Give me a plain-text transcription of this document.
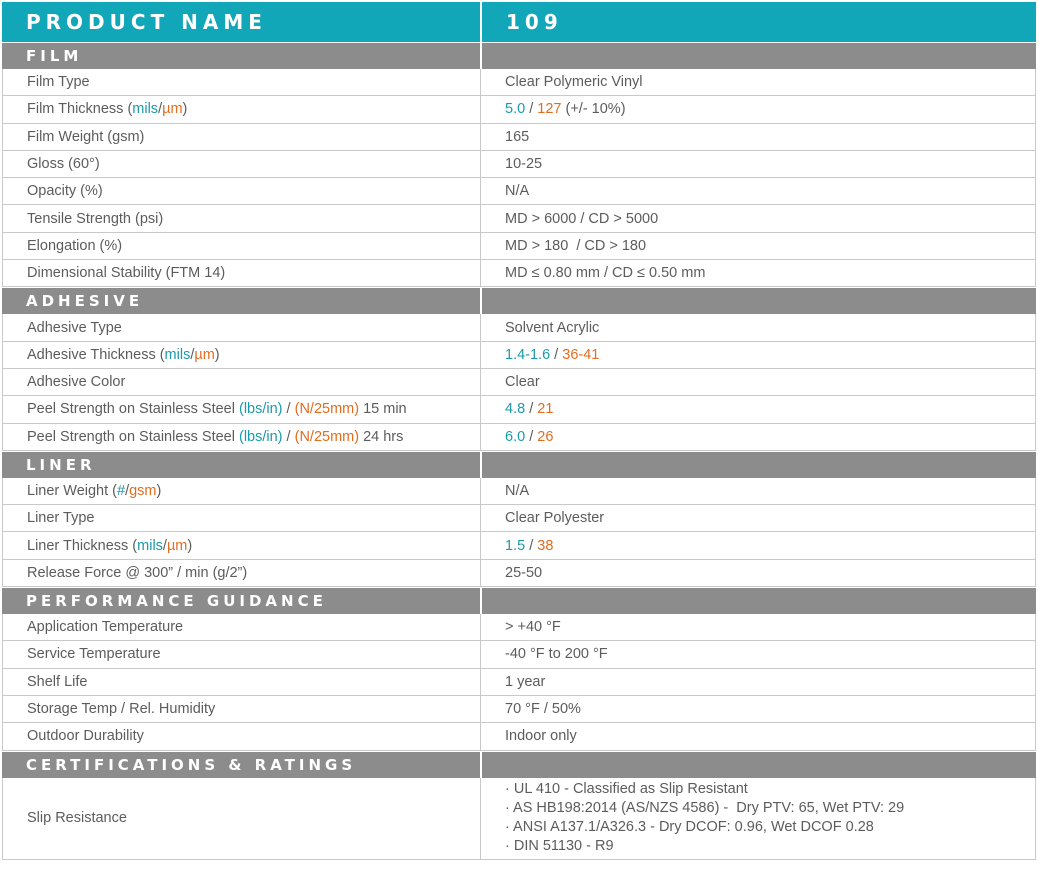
PRODUCT NAME	109
FILM
Film Type	Clear Polymeric Vinyl
Film Thickness ( mils / µm )	5.0 / 127 (+/- 10%)
Film Weight (gsm)	165
Gloss (60°)	10-25
Opacity (%)	N/A
Tensile Strength (psi)	MD > 6000 / CD > 5000
Elongation (%)	MD > 180  / CD > 180
Dimensional Stability (FTM 14)	MD ≤ 0.80 mm / CD ≤ 0.50 mm
ADHESIVE
Adhesive Type	Solvent Acrylic
Adhesive Thickness ( mils / µm )	1.4-1.6 / 36-41
Adhesive Color	Clear
Peel Strength on Stainless Steel (lbs/in) / (N/25mm) 15 min	4.8 / 21
Peel Strength on Stainless Steel (lbs/in) / (N/25mm) 24 hrs	6.0 / 26
LINER
Liner Weight ( # / gsm )	N/A
Liner Type	Clear Polyester
Liner Thickness ( mils / µm )	1.5 / 38
Release Force @ 300” / min (g/2”)	25-50
PERFORMANCE GUIDANCE
Application Temperature	> +40 °F
Service Temperature	-40 °F to 200 °F
Shelf Life	1 year
Storage Temp / Rel. Humidity	70 °F / 50%
Outdoor Durability	Indoor only
CERTIFICATIONS & RATINGS
Slip Resistance
· UL 410 - Classified as Slip Resistant
· AS HB198:2014 (AS/NZS 4586) -  Dry PTV: 65, Wet PTV: 29
· ANSI A137.1/A326.3 - Dry DCOF: 0.96, Wet DCOF 0.28
· DIN 51130 - R9
